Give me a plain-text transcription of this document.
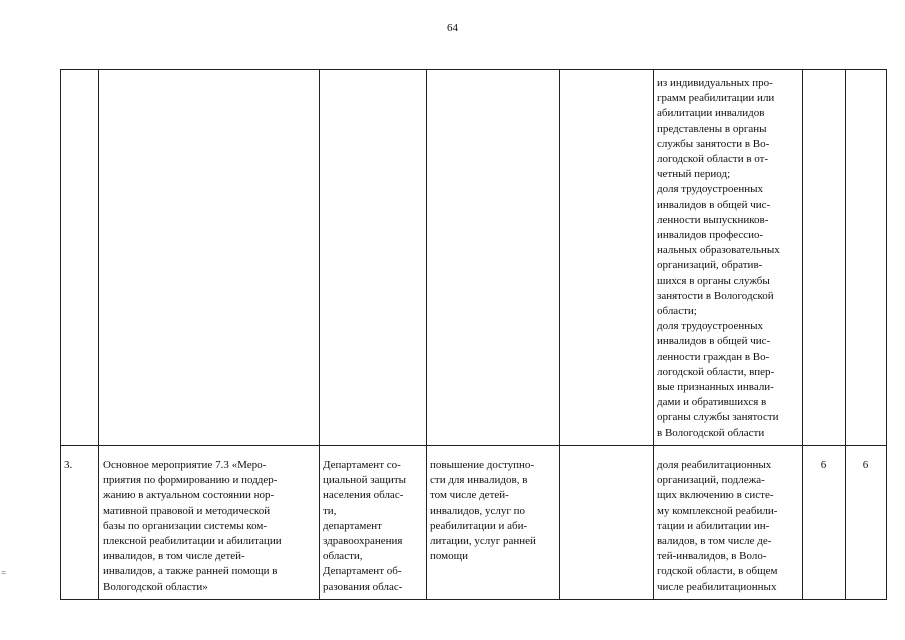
64
=
из индивидуальных про-
грамм реабилитации или
абилитации инвалидов
представлены в органы
службы занятости в Во-
логодской области в от-
четный период;
доля трудоустроенных
инвалидов в общей чис-
ленности выпускников-
инвалидов профессио-
нальных образовательных
организаций, обратив-
шихся в органы службы
занятости в Вологодской
области;
доля трудоустроенных
инвалидов в общей чис-
ленности граждан в Во-
логодской области, впер-
вые признанных инвали-
дами и обратившихся в
органы службы занятости
в Вологодской области
3.	Основное мероприятие 7.3 «Меро-
приятия по формированию и поддер-
жанию в актуальном состоянии нор-
мативной правовой и методической
базы по организации системы ком-
плексной реабилитации и абилитации
инвалидов, в том числе детей-
инвалидов, а также ранней помощи в
Вологодской области»
Департамент со-
циальной защиты
населения облас-
ти,
департамент
здравоохранения
области,
Департамент об-
разования облас-
повышение доступно-
сти для инвалидов, в
том числе детей-
инвалидов, услуг по
реабилитации и аби-
литации, услуг ранней
помощи
доля реабилитационных
организаций, подлежа-
щих включению в систе-
му комплексной реабили-
тации и абилитации ин-
валидов, в том числе де-
тей-инвалидов, в Воло-
годской области, в общем
числе реабилитационных
6	6
